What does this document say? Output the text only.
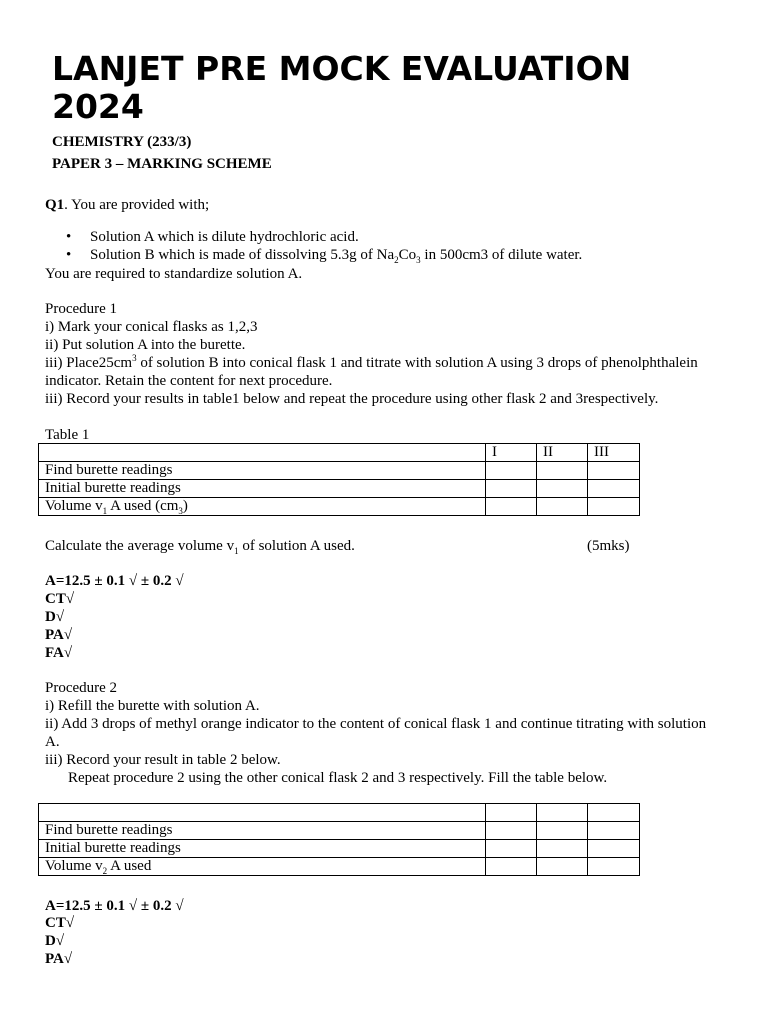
LANJET PRE MOCK EVALUATION 2024
CHEMISTRY (233/3)
PAPER 3 – MARKING SCHEME
Q1. You are provided with;
• Solution A which is dilute hydrochloric acid.
• Solution B which is made of dissolving 5.3g of $Na_2Co_3$ in 500cm3 of dilute water.
You are required to standardize solution A.
Procedure 1
i) Mark your conical flasks as 1,2,3
ii) Put solution A into the burette.
iii) $Place25cm^3$ of solution B into conical flask 1 and titrate with solution A using 3 drops of phenolphthalein
indicator. Retain the content for next procedure.
iii) Record your results in table1 below and repeat the procedure using other flask 2 and 3respectively.
Table 1
	I	II	III
Find burette readings			
Initial burette readings			
Volume $v_1$ A used $(cm_3)$			
Calculate the average volume $v_1$ of solution A used.	(5mks)
A=12.5 ± 0.1 √ ± 0.2 √
CT√
D√
PA√
FA√
Procedure 2
i) Refill the burette with solution A.
ii) Add 3 drops of methyl orange indicator to the content of conical flask 1 and continue titrating with solution
A.
iii) Record your result in table 2 below.
Repeat procedure 2 using the other conical flask 2 and 3 respectively. Fill the table below.

Find burette readings			
Initial burette readings			
Volume $v_2$ A used			
A=12.5 ± 0.1 √ ± 0.2 √
CT√
D√
PA√
